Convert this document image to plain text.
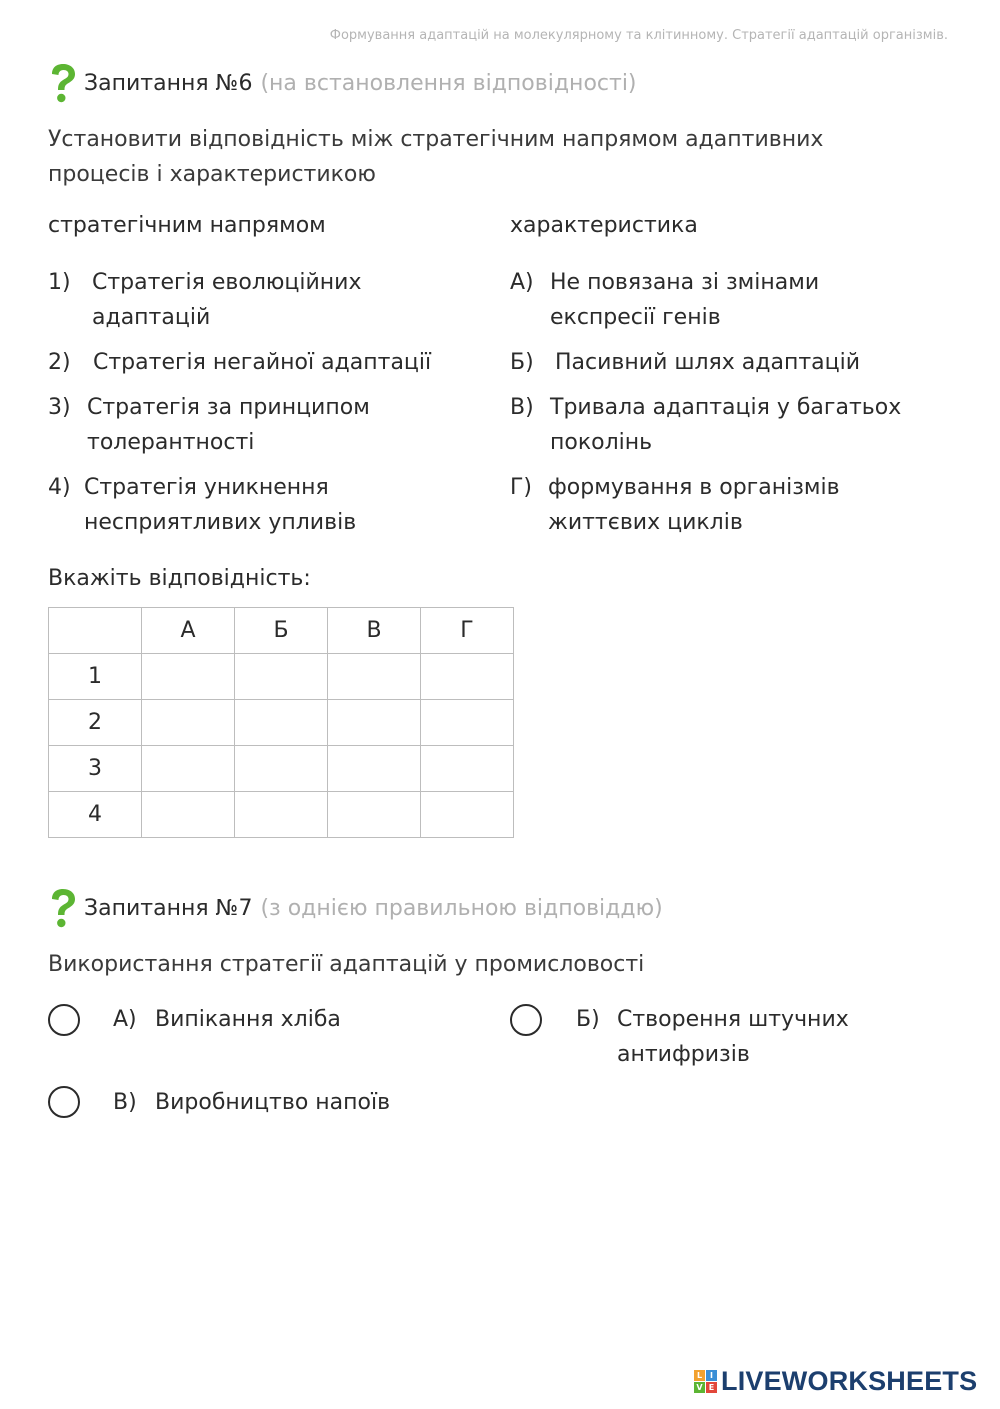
Формування адаптацій на молекулярному та клітинному. Стратегії адаптацій організмів.
Запитання №6 (на встановлення відповідності)
Установити відповідність між стратегічним напрямом адаптивних
процесів і характеристикою
стратегічним напрямом	характеристика
1) Стратегія еволюційних
адаптацій
2) Стратегія негайної адаптації
3) Стратегія за принципом
толерантності
4) Стратегія уникнення
несприятливих упливів
А) Не повязана зі змінами
експресії генів
Б) Пасивний шлях адаптацій
В) Тривала адаптація у багатьох
поколінь
Г) формування в організмів
життєвих циклів
Вкажіть відповідність:
	А	Б	В	Г
1				
2				
3				
4				
Запитання №7 (з однією правильною відповіддю)
Використання стратегії адаптацій у промисловості
А) Випікання хліба	Б) Створення штучних
антифризів
В) Виробництво напоїв
L I
V E LIVEWORKSHEETS
